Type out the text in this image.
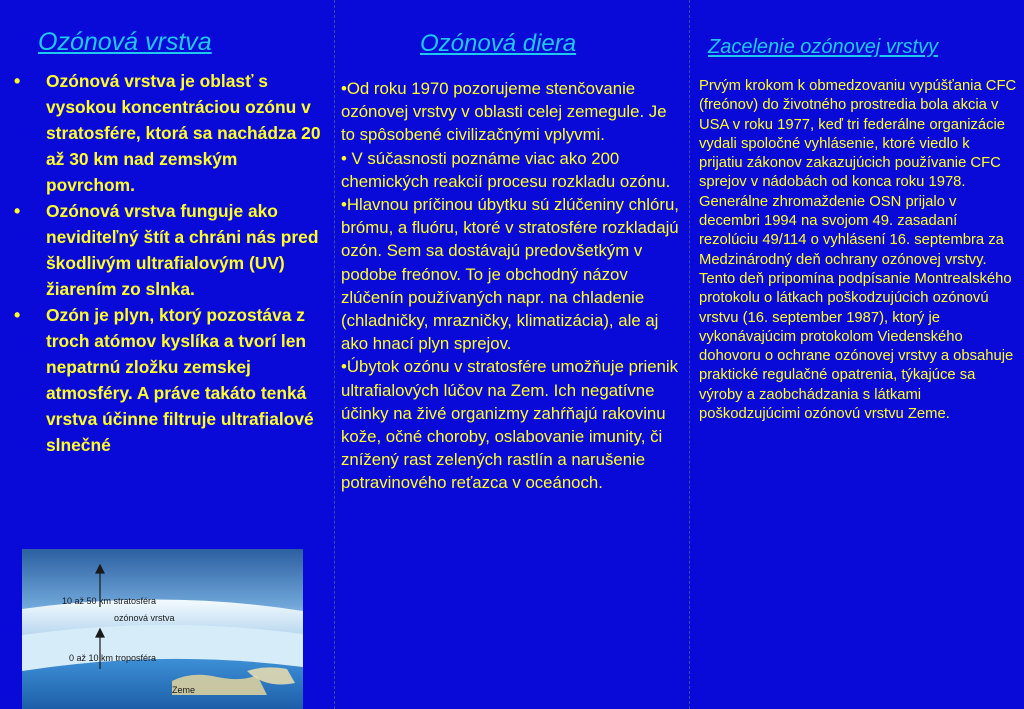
Ozónová vrstva
•	Ozónová vrstva je oblasť s vysokou koncentráciou ozónu v stratosfére, ktorá sa nachádza 20 až 30 km nad zemským povrchom.
•	Ozónová vrstva funguje ako neviditeľný štít a chráni nás pred škodlivým ultrafialovým (UV) žiarením zo slnka.
•	Ozón je plyn, ktorý pozostáva z troch atómov kyslíka a tvorí len nepatrnú zložku zemskej atmosféry. A práve takáto tenká vrstva účinne filtruje ultrafialové slnečné
10 až 50 km stratosféra
ozónová vrstva
0 až 10 km troposféra
Zeme
Ozónová diera

•Od roku 1970 pozorujeme stenčovanie ozónovej vrstvy v oblasti celej zemegule. Je to spôsobené civilizačnými vplyvmi.

• V súčasnosti poznáme viac ako 200 chemických reakcií procesu rozkladu ozónu.

•Hlavnou príčinou úbytku sú zlúčeniny chlóru, brómu, a fluóru, ktoré v stratosfére rozkladajú ozón. Sem sa dostávajú predovšetkým v podobe freónov. To je obchodný názov zlúčenín používaných napr. na chladenie (chladničky, mrazničky, klimatizácia), ale aj ako hnací plyn sprejov.

•Úbytok ozónu v stratosfére umožňuje prienik ultrafialových lúčov na Zem. Ich negatívne účinky na živé organizmy zahŕňajú rakovinu kože, očné choroby, oslabovanie imunity, či znížený rast zelených rastlín a narušenie potravinového reťazca v oceánoch.

Zacelenie ozónovej vrstvy

Prvým krokom k obmedzovaniu vypúšťania CFC (freónov) do životného prostredia bola akcia v USA v roku 1977, keď tri federálne organizácie vydali spoločné vyhlásenie, ktoré viedlo k prijatiu zákonov zakazujúcich používanie CFC sprejov v nádobách od konca roku 1978.

Generálne zhromaždenie OSN prijalo v decembri 1994 na svojom 49. zasadaní rezolúciu 49/114 o vyhlásení 16. septembra za Medzinárodný deň ochrany ozónovej vrstvy. Tento deň pripomína podpísanie Montrealského protokolu o látkach poškodzujúcich ozónovú vrstvu (16. september 1987), ktorý je vykonávajúcim protokolom Viedenského dohovoru o ochrane ozónovej vrstvy a obsahuje praktické regulačné opatrenia, týkajúce sa výroby a zaobchádzania s látkami poškodzujúcimi ozónovú vrstvu Zeme.
